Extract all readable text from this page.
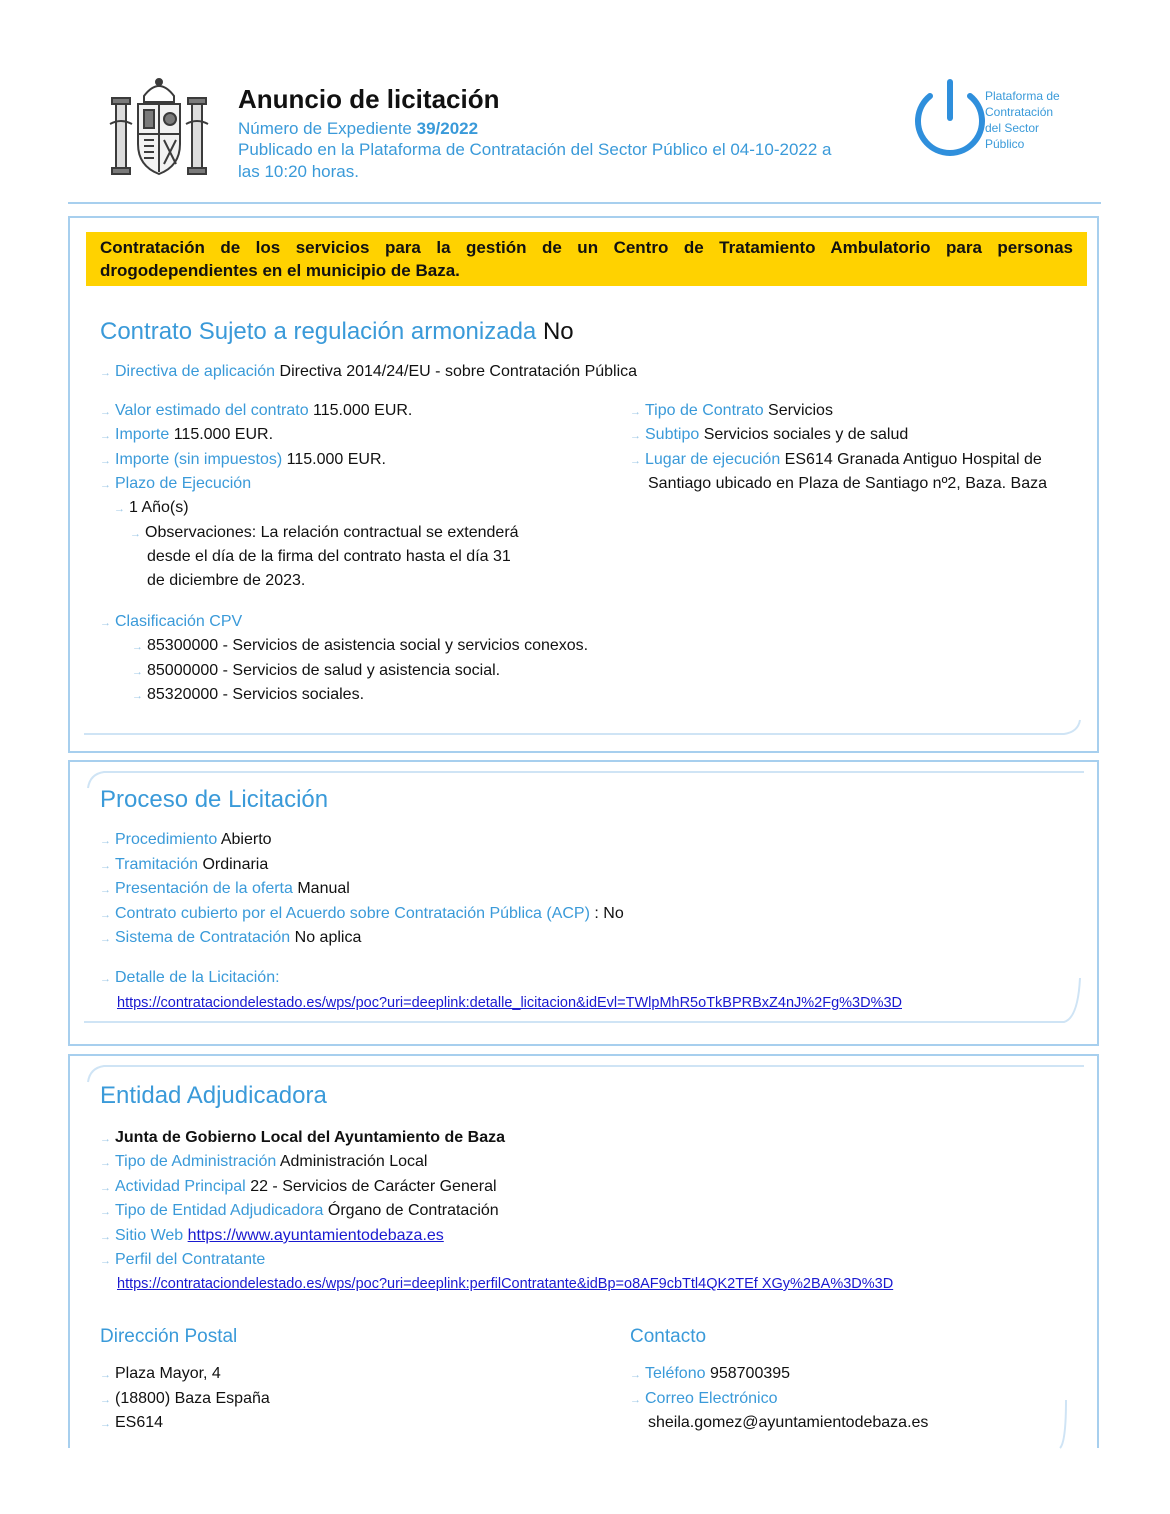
Anuncio de licitación
Número de Expediente 39/2022
Publicado en la Plataforma de Contratación del Sector Público el 04-10-2022 a
las 10:20 horas.
Plataforma de
Contratación
del Sector
Público
Contratación de los servicios para la gestión de un Centro de Tratamiento Ambulatorio para personas drogodependientes en el municipio de Baza.
Contrato Sujeto a regulación armonizada No
→ Directiva de aplicación Directiva 2014/24/EU - sobre Contratación Pública
→ Valor estimado del contrato 115.000 EUR.
→ Importe 115.000 EUR.
→ Importe (sin impuestos) 115.000 EUR.
→ Plazo de Ejecución
→ 1 Año(s)
→ Observaciones: La relación contractual se extenderá
desde el día de la firma del contrato hasta el día 31
de diciembre de 2023.
→ Tipo de Contrato Servicios
→ Subtipo Servicios sociales y de salud
→ Lugar de ejecución ES614 Granada Antiguo Hospital de
Santiago ubicado en Plaza de Santiago nº2, Baza. Baza
→ Clasificación CPV
→ 85300000 - Servicios de asistencia social y servicios conexos.
→ 85000000 - Servicios de salud y asistencia social.
→ 85320000 - Servicios sociales.
Proceso de Licitación
→ Procedimiento Abierto
→ Tramitación Ordinaria
→ Presentación de la oferta Manual
→ Contrato cubierto por el Acuerdo sobre Contratación Pública (ACP) : No
→ Sistema de Contratación No aplica
→ Detalle de la Licitación:
https://contrataciondelestado.es/wps/poc?uri=deeplink:detalle_licitacion&idEvl=TWlpMhR5oTkBPRBxZ4nJ%2Fg%3D%3D
Entidad Adjudicadora
→ Junta de Gobierno Local del Ayuntamiento de Baza
→ Tipo de Administración Administración Local
→ Actividad Principal 22 - Servicios de Carácter General
→ Tipo de Entidad Adjudicadora Órgano de Contratación
→ Sitio Web https://www.ayuntamientodebaza.es
→ Perfil del Contratante
https://contrataciondelestado.es/wps/poc?uri=deeplink:perfilContratante&idBp=o8AF9cbTtl4QK2TEf XGy%2BA%3D%3D
Dirección Postal
→ Plaza Mayor, 4
→ (18800) Baza España
→ ES614
Contacto
→ Teléfono 958700395
→ Correo Electrónico
sheila.gomez@ayuntamientodebaza.es
